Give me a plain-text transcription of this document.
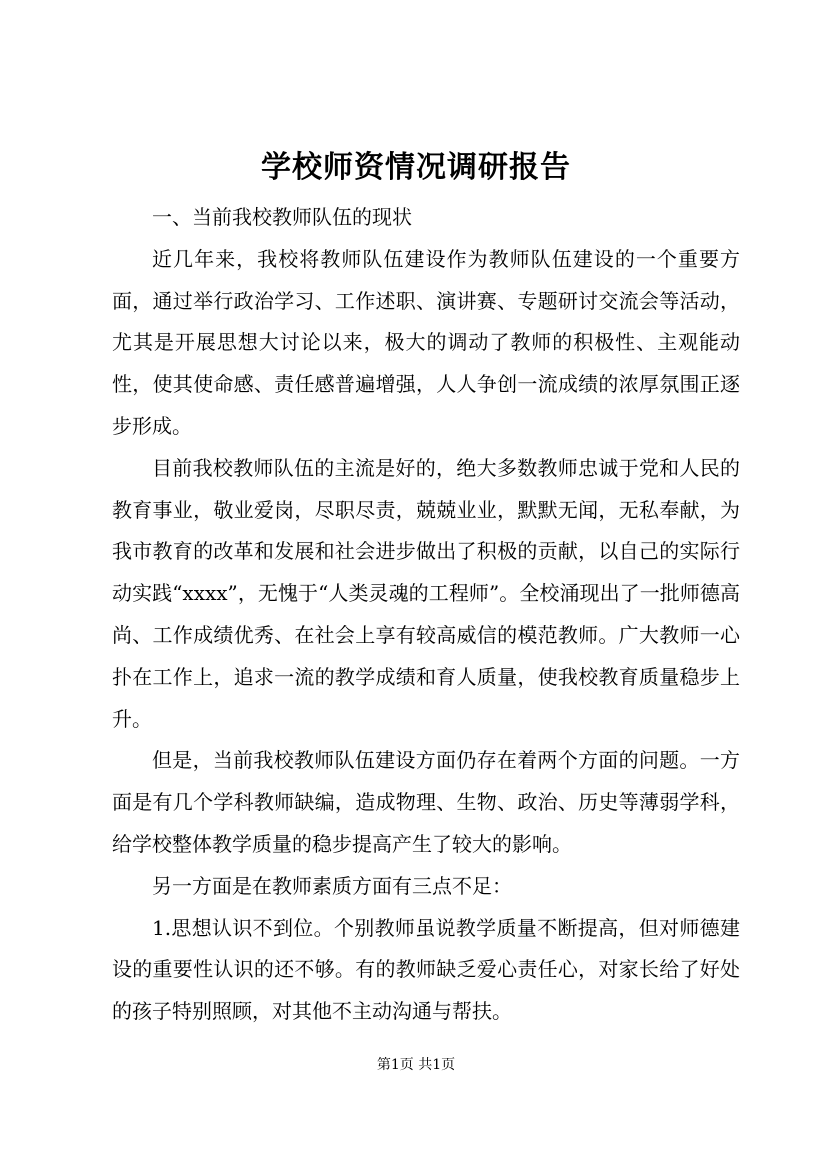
学校师资情况调研报告

一、当前我校教师队伍的现状

近几年来，我校将教师队伍建设作为教师队伍建设的一个重要方面，通过举行政治学习、工作述职、演讲赛、专题研讨交流会等活动，尤其是开展思想大讨论以来，极大的调动了教师的积极性、主观能动性，使其使命感、责任感普遍增强，人人争创一流成绩的浓厚氛围正逐步形成。

目前我校教师队伍的主流是好的，绝大多数教师忠诚于党和人民的教育事业，敬业爱岗，尽职尽责，兢兢业业，默默无闻，无私奉献，为我市教育的改革和发展和社会进步做出了积极的贡献，以自己的实际行动实践“xxxx”，无愧于“人类灵魂的工程师”。全校涌现出了一批师德高尚、工作成绩优秀、在社会上享有较高威信的模范教师。广大教师一心扑在工作上，追求一流的教学成绩和育人质量，使我校教育质量稳步上升。

但是，当前我校教师队伍建设方面仍存在着两个方面的问题。一方面是有几个学科教师缺编，造成物理、生物、政治、历史等薄弱学科，给学校整体教学质量的稳步提高产生了较大的影响。

另一方面是在教师素质方面有三点不足：

1.思想认识不到位。个别教师虽说教学质量不断提高，但对师德建设的重要性认识的还不够。有的教师缺乏爱心责任心，对家长给了好处的孩子特别照顾，对其他不主动沟通与帮扶。

第1页 共1页
